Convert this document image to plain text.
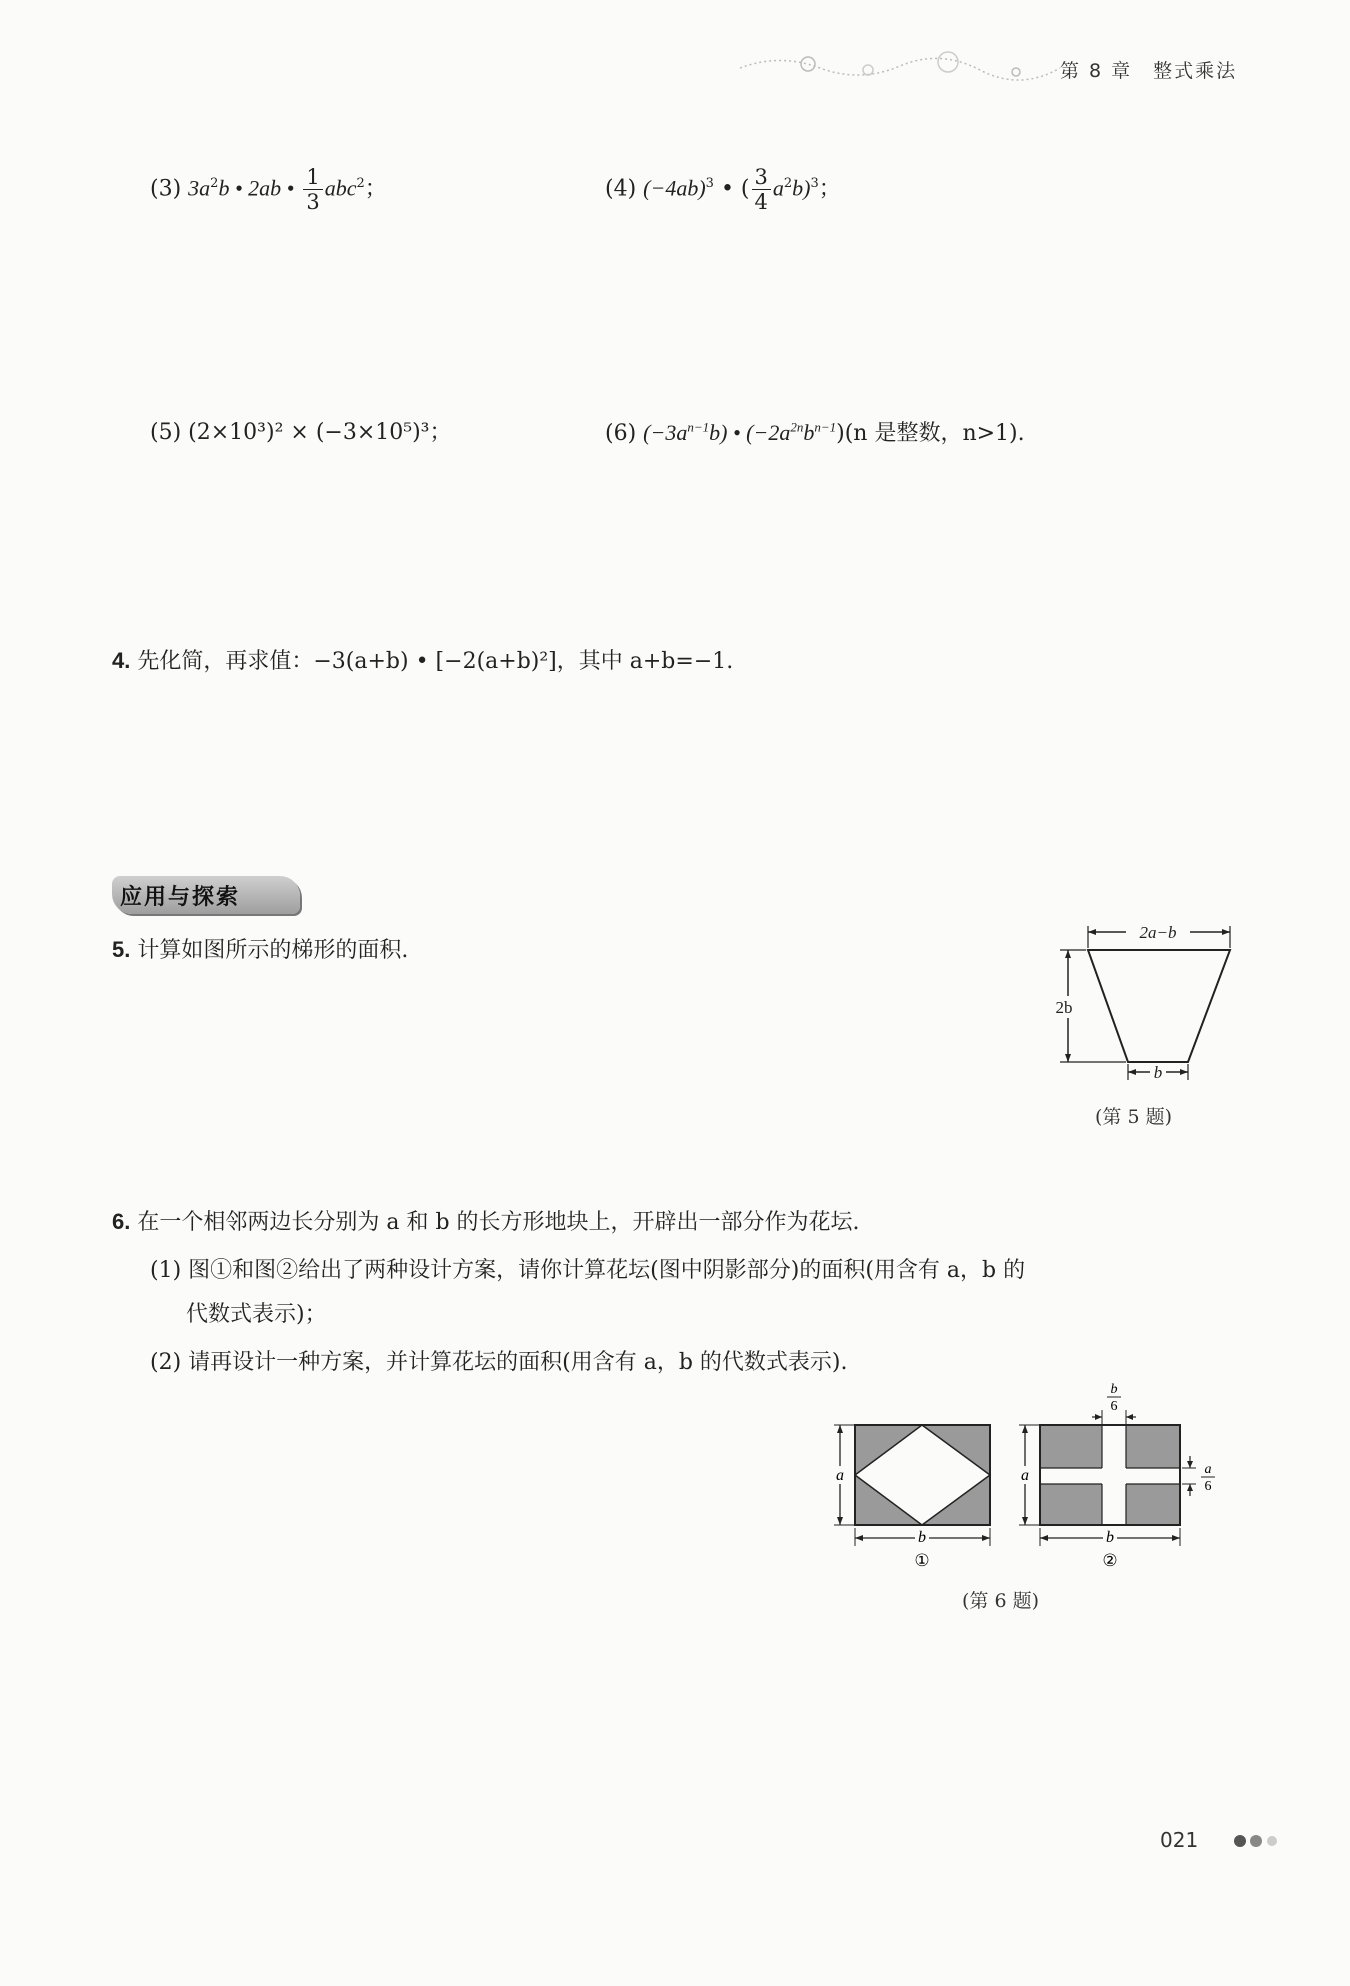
第 8 章　整式乘法
(3) $3a^2b$ • 2ab • $\frac{1}{3} abc^2$；	(4) $(-4ab)^3$ • ( $\frac{3}{4} a^2b)^3$；
(5) (2×10³)² × (−3×10⁵)³；	(6) $(-3a^{n-1}b)$ • $(-2a^{2n}b^{n-1})(n$ 是整数，n>1).
4. 先化简，再求值：−3(a+b) • [−2(a+b)²]，其中 a+b=−1.
应用与探索
5. 计算如图所示的梯形的面积.
2a−b
2b
b
(第 5 题)
6. 在一个相邻两边长分别为 a 和 b 的长方形地块上，开辟出一部分作为花坛.
(1) 图①和图②给出了两种设计方案，请你计算花坛(图中阴影部分)的面积(用含有 a，b 的
代数式表示)；
(2) 请再设计一种方案，并计算花坛的面积(用含有 a，b 的代数式表示).
a
b
①
a
b
②
b
6
a
6
(第 6 题)
021
